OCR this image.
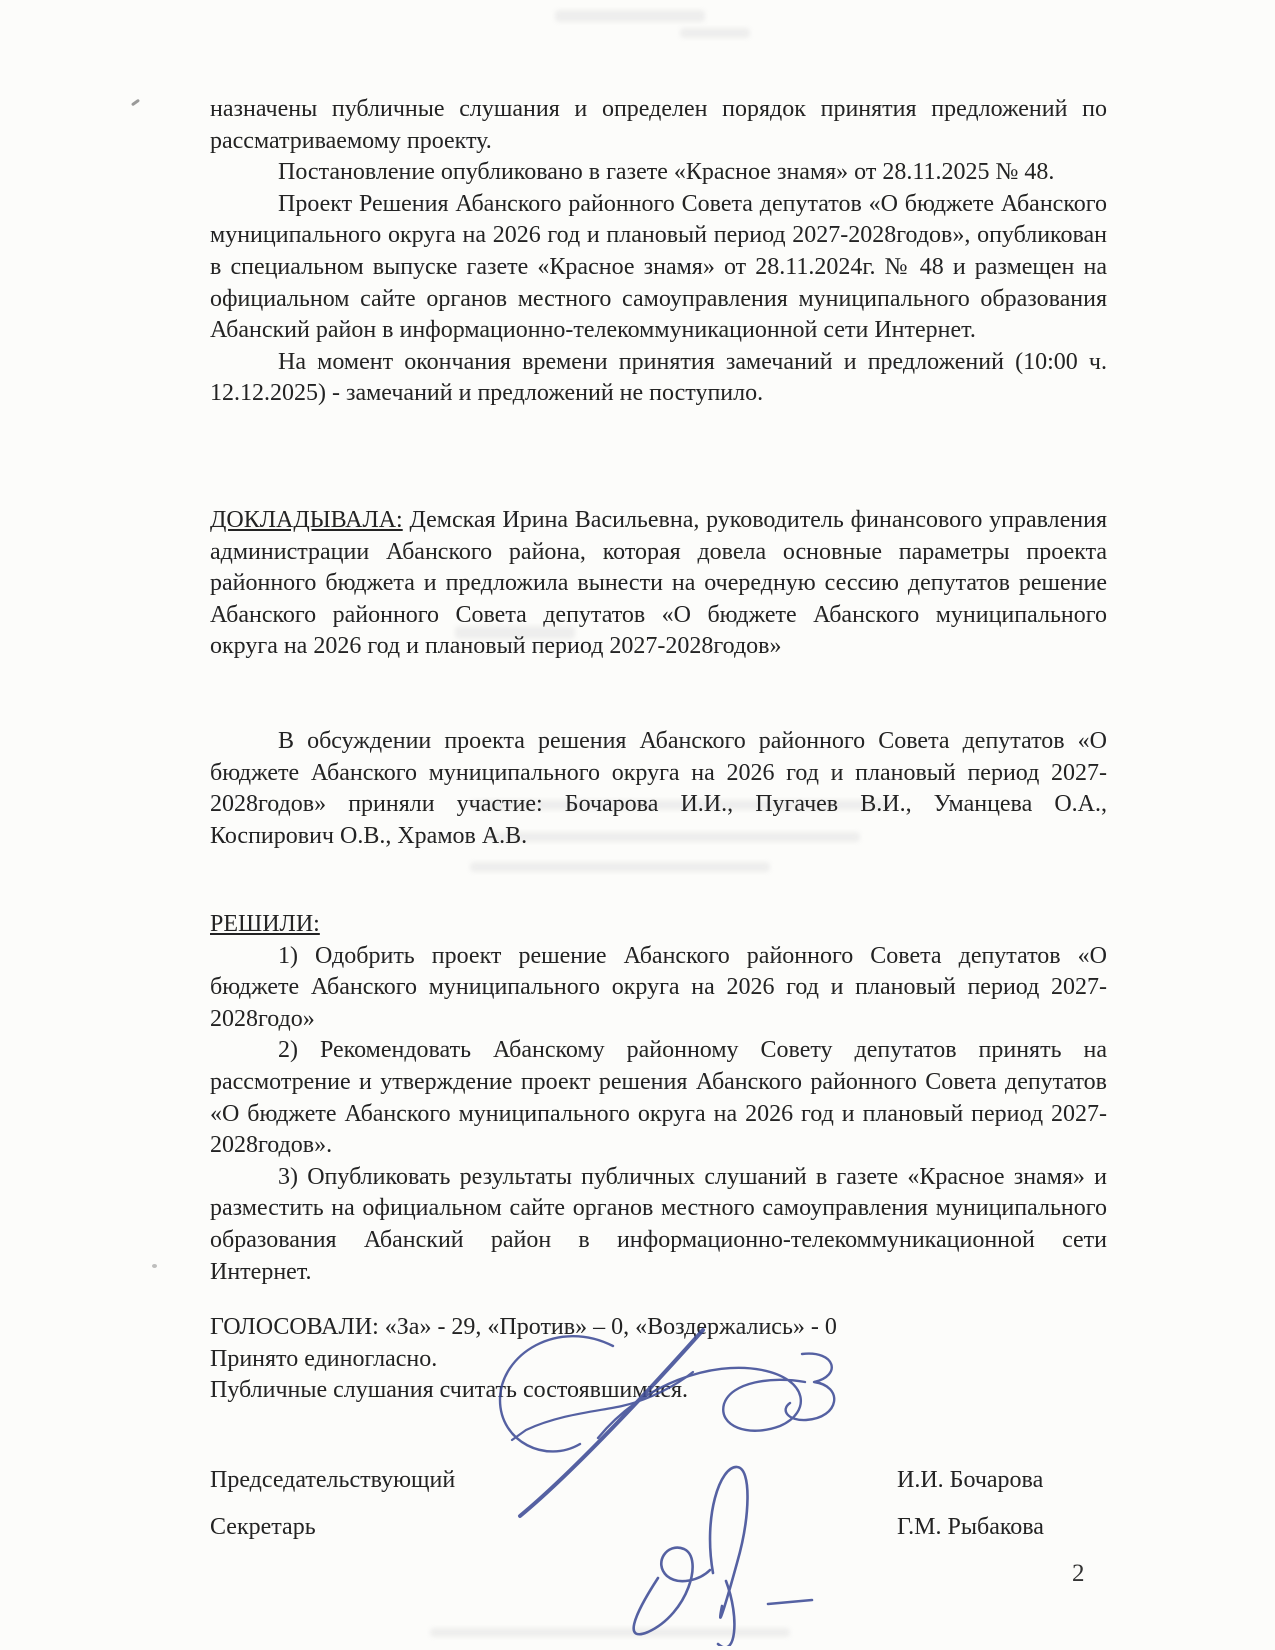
назначены публичные слушания и определен порядок принятия предложений по рассматриваемому проекту.

Постановление опубликовано в газете «Красное знамя» от 28.11.2025 № 48.

Проект Решения Абанского районного Совета депутатов «О бюджете Абанского муниципального округа на 2026 год и плановый период 2027-2028годов», опубликован в специальном выпуске газете «Красное знамя» от 28.11.2024г. № 48 и размещен на официальном сайте органов местного самоуправления муниципального образования Абанский район в информационно-телекоммуникационной сети Интернет.

На момент окончания времени принятия замечаний и предложений (10:00 ч. 12.12.2025) - замечаний и предложений не поступило.

ДОКЛАДЫВАЛА: Демская Ирина Васильевна, руководитель финансового управления администрации Абанского района, которая довела основные параметры проекта районного бюджета и предложила вынести на очередную сессию депутатов решение Абанского районного Совета депутатов «О бюджете Абанского муниципального округа на 2026 год и плановый период 2027-2028годов»

В обсуждении проекта решения Абанского районного Совета депутатов «О бюджете Абанского муниципального округа на 2026 год и плановый период 2027-2028годов» приняли участие: Бочарова И.И., Пугачев В.И., Уманцева О.А., Коспирович О.В., Храмов А.В.

РЕШИЛИ:

1) Одобрить проект решение Абанского районного Совета депутатов «О бюджете Абанского муниципального округа на 2026 год и плановый период 2027-2028годо»

2) Рекомендовать Абанскому районному Совету депутатов принять на рассмотрение и утверждение проект решения Абанского районного Совета депутатов «О бюджете Абанского муниципального округа на 2026 год и плановый период 2027-2028годов».

3) Опубликовать результаты публичных слушаний в газете «Красное знамя» и разместить на официальном сайте органов местного самоуправления муниципального образования Абанский район в информационно-телекоммуникационной сети Интернет.

ГОЛОСОВАЛИ: «За» - 29, «Против» – 0, «Воздержались» - 0

Принято единогласно.

Публичные слушания считать состоявшимися.

Председательствующий	И.И. Бочарова
Секретарь	Г.М. Рыбакова
2
